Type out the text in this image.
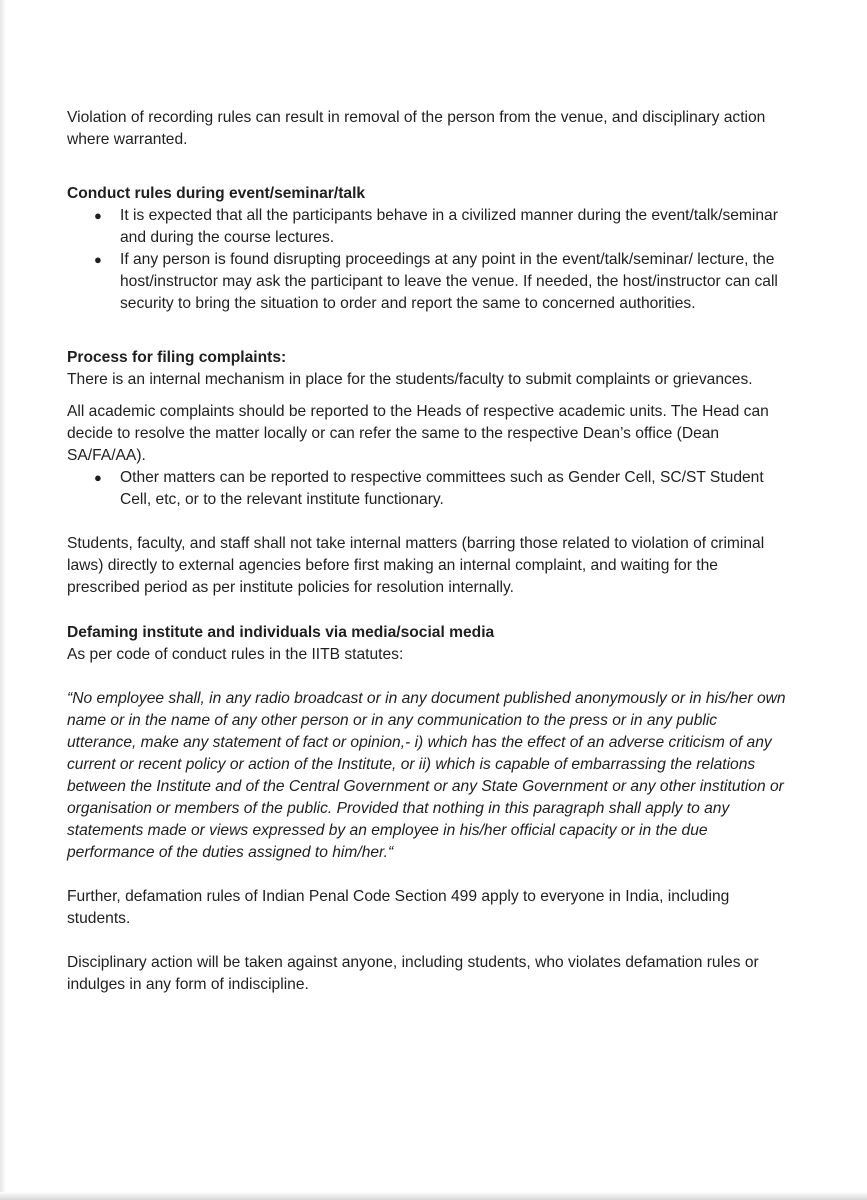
Violation of recording rules can result in removal of the person from the venue, and disciplinary action where warranted.

Conduct rules during event/seminar/talk

● It is expected that all the participants behave in a civilized manner during the event/talk/seminar and during the course lectures.
● If any person is found disrupting proceedings at any point in the event/talk/seminar/ lecture, the host/instructor may ask the participant to leave the venue. If needed, the host/instructor can call security to bring the situation to order and report the same to concerned authorities.

Process for filing complaints:

There is an internal mechanism in place for the students/faculty to submit complaints or grievances.

All academic complaints should be reported to the Heads of respective academic units. The Head can decide to resolve the matter locally or can refer the same to the respective Dean’s office (Dean SA/FA/AA).

● Other matters can be reported to respective committees such as Gender Cell, SC/ST Student Cell, etc, or to the relevant institute functionary.

Students, faculty, and staff shall not take internal matters (barring those related to violation of criminal laws) directly to external agencies before first making an internal complaint, and waiting for the prescribed period as per institute policies for resolution internally.

Defaming institute and individuals via media/social media

As per code of conduct rules in the IITB statutes:

“No employee shall, in any radio broadcast or in any document published anonymously or in his/her own name or in the name of any other person or in any communication to the press or in any public utterance, make any statement of fact or opinion,- i) which has the effect of an adverse criticism of any current or recent policy or action of the Institute, or ii) which is capable of embarrassing the relations between the Institute and of the Central Government or any State Government or any other institution or organisation or members of the public. Provided that nothing in this paragraph shall apply to any statements made or views expressed by an employee in his/her official capacity or in the due performance of the duties assigned to him/her.“

Further, defamation rules of Indian Penal Code Section 499 apply to everyone in India, including students.

Disciplinary action will be taken against anyone, including students, who violates defamation rules or indulges in any form of indiscipline.
